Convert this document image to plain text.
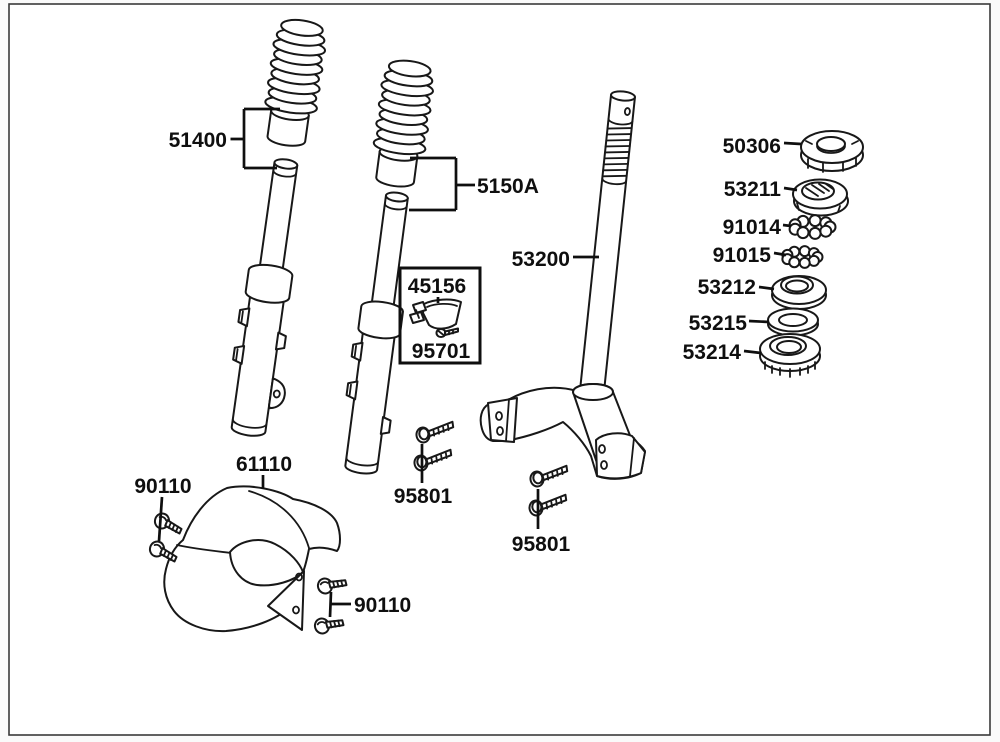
51400
5150A
53200
45156
95701
50306
53211
91014
91015
53212
53215
53214
61110
90110
90110
95801
95801
